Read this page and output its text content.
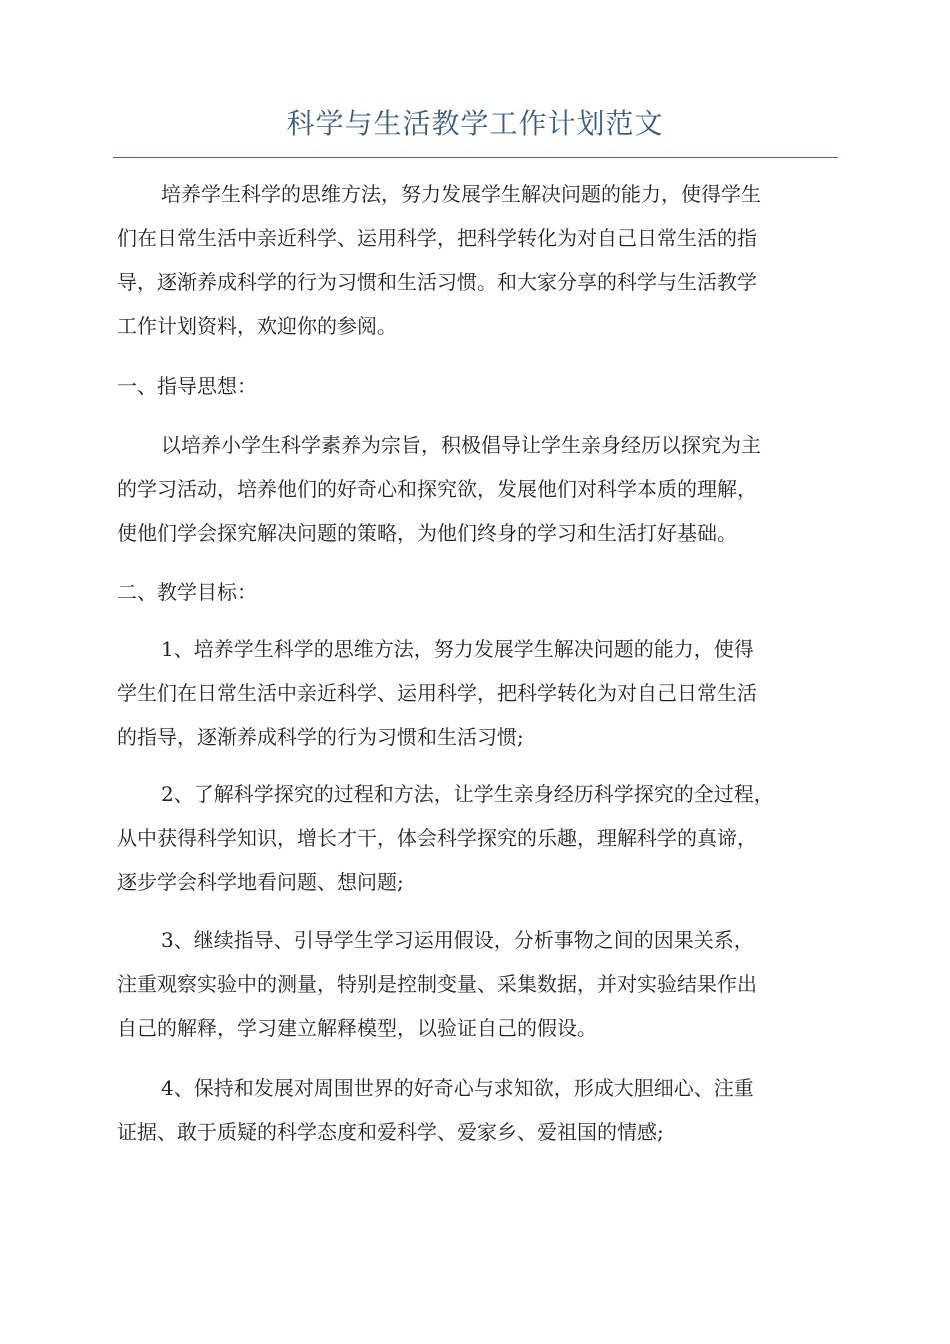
科学与生活教学工作计划范文
培养学生科学的思维方法，努力发展学生解决问题的能力，使得学生
们在日常生活中亲近科学、运用科学，把科学转化为对自己日常生活的指
导，逐渐养成科学的行为习惯和生活习惯。和大家分享的科学与生活教学
工作计划资料，欢迎你的参阅。
一、指导思想：
以培养小学生科学素养为宗旨，积极倡导让学生亲身经历以探究为主
的学习活动，培养他们的好奇心和探究欲，发展他们对科学本质的理解，
使他们学会探究解决问题的策略，为他们终身的学习和生活打好基础。
二、教学目标：
1、培养学生科学的思维方法，努力发展学生解决问题的能力，使得
学生们在日常生活中亲近科学、运用科学，把科学转化为对自己日常生活
的指导，逐渐养成科学的行为习惯和生活习惯;
2、了解科学探究的过程和方法，让学生亲身经历科学探究的全过程，
从中获得科学知识，增长才干，体会科学探究的乐趣，理解科学的真谛，
逐步学会科学地看问题、想问题;
3、继续指导、引导学生学习运用假设，分析事物之间的因果关系，
注重观察实验中的测量，特别是控制变量、采集数据，并对实验结果作出
自己的解释，学习建立解释模型，以验证自己的假设。
4、保持和发展对周围世界的好奇心与求知欲，形成大胆细心、注重
证据、敢于质疑的科学态度和爱科学、爱家乡、爱祖国的情感;
